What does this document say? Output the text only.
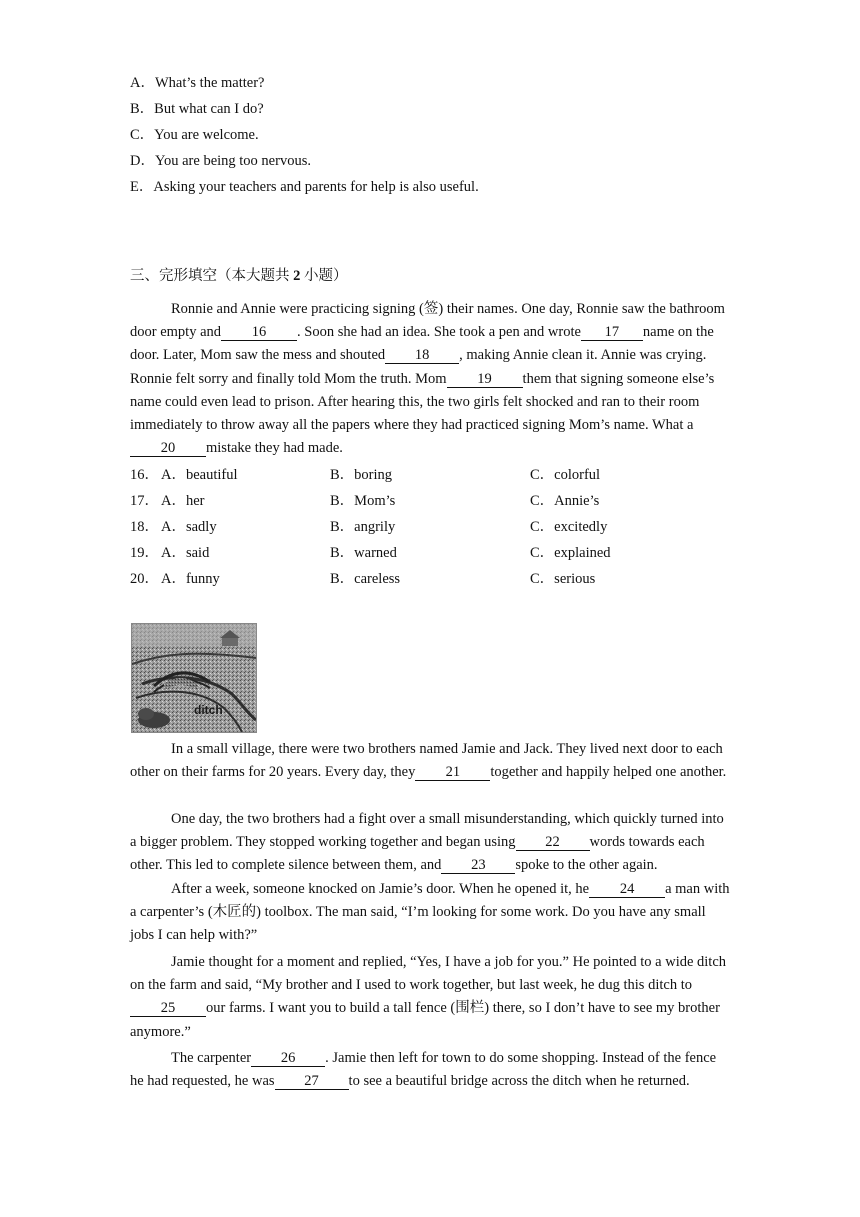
A．What’s the matter?
B．But what can I do?
C．You are welcome.
D．You are being too nervous.
E．Asking your teachers and parents for help is also useful.
三、完形填空（本大题共 2 小题）

Ronnie and Annie were practicing signing (签) their names. One day, Ronnie saw the bathroom door empty and 16 . Soon she had an idea. She took a pen and wrote 17 name on the door. Later, Mom saw the mess and shouted 18 , making Annie clean it. Annie was crying. Ronnie felt sorry and finally told Mom the truth. Mom 19 them that signing someone else’s name could even lead to prison. After hearing this, the two girls felt shocked and ran to their room immediately to throw away all the papers where they had practiced signing Mom’s name. What a20 mistake they had made.

16． A．beautiful	B．boring	C．colorful
17． A．her	B．Mom’s	C．Annie’s
18． A．sadly	B．angrily	C．excitedly
19． A．said	B．warned	C．explained
20． A．funny	B．careless	C．serious
ditch

In a small village, there were two brothers named Jamie and Jack. They lived next door to each other on their farms for 20 years. Every day, they 21 together and happily helped one another.

One day, the two brothers had a fight over a small misunderstanding, which quickly turned into a bigger problem. They stopped working together and began using 22 words towards each other. This led to complete silence between them, and 23 spoke to the other again.

After a week, someone knocked on Jamie’s door. When he opened it, he 24 a man with a carpenter’s (木匠的) toolbox. The man said, “I’m looking for some work. Do you have any small jobs I can help with?”

Jamie thought for a moment and replied, “Yes, I have a job for you.” He pointed to a wide ditch on the farm and said, “My brother and I used to work together, but last week, he dug this ditch to25 our farms. I want you to build a tall fence (围栏) there, so I don’t have to see my brother anymore.”

The carpenter 26 . Jamie then left for town to do some shopping. Instead of the fence he had requested, he was 27 to see a beautiful bridge across the ditch when he returned.
